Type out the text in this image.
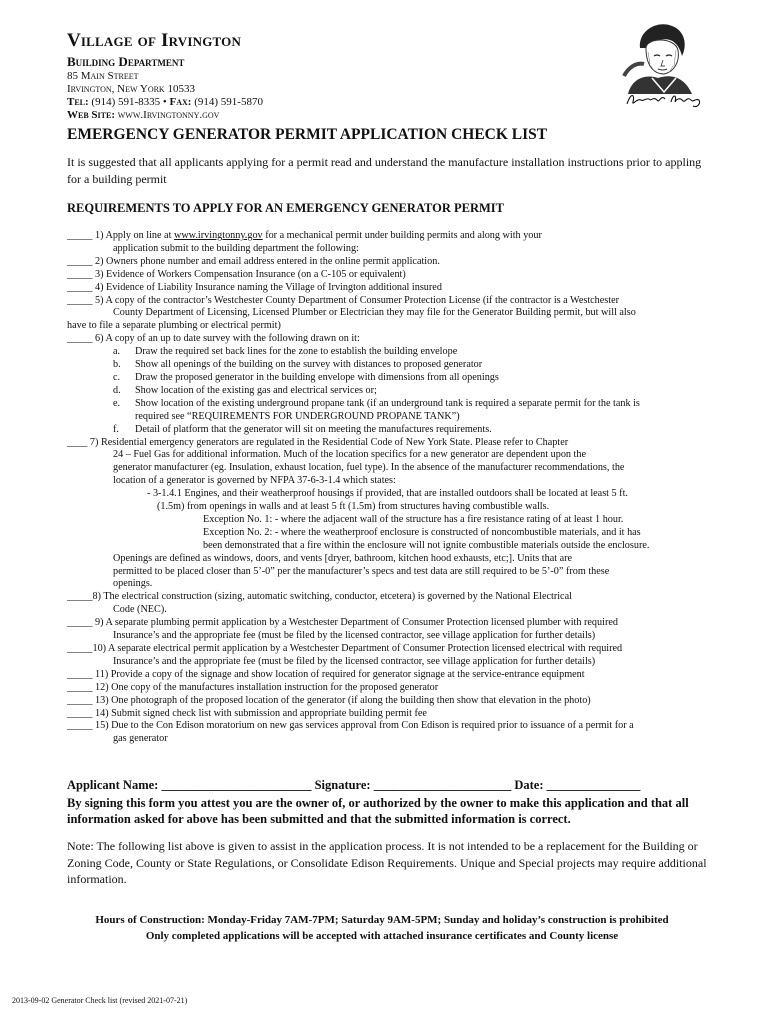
Village of Irvington
Building Department
85 Main Street
Irvington, New York 10533
Tel: (914) 591-8335 • Fax: (914) 591-5870
Web Site: www.Irvingtonny.gov
EMERGENCY GENERATOR PERMIT APPLICATION CHECK LIST
It is suggested that all applicants applying for a permit read and understand the manufacture installation instructions prior to appling for a building permit
REQUIREMENTS TO APPLY FOR AN EMERGENCY GENERATOR PERMIT
_____ 1) Apply on line at www.irvingtonny.gov for a mechanical permit under building permits and along with your
application submit to the building department the following:
_____ 2) Owners phone number and email address entered in the online permit application.
_____ 3) Evidence of Workers Compensation Insurance (on a C-105 or equivalent)
_____ 4) Evidence of Liability Insurance naming the Village of Irvington additional insured
_____ 5) A copy of the contractor’s Westchester County Department of Consumer Protection License (if the contractor is a Westchester
County Department of Licensing, Licensed Plumber or Electrician they may file for the Generator Building permit, but will also
have to file a separate plumbing or electrical permit)
_____ 6) A copy of an up to date survey with the following drawn on it:
a. Draw the required set back lines for the zone to establish the building envelope
b. Show all openings of the building on the survey with distances to proposed generator
c. Draw the proposed generator in the building envelope with dimensions from all openings
d. Show location of the existing gas and electrical services or;
e. Show location of the existing underground propane tank (if an underground tank is required a separate permit for the tank is
required see “REQUIREMENTS FOR UNDERGROUND PROPANE TANK”)
f. Detail of platform that the generator will sit on meeting the manufactures requirements.
____ 7) Residential emergency generators are regulated in the Residential Code of New York State. Please refer to Chapter
24 – Fuel Gas for additional information. Much of the location specifics for a new generator are dependent upon the
generator manufacturer (eg. Insulation, exhaust location, fuel type). In the absence of the manufacturer recommendations, the
location of a generator is governed by NFPA 37-6-3-1.4 which states:
- 3-1.4.1 Engines, and their weatherproof housings if provided, that are installed outdoors shall be located at least 5 ft.
(1.5m) from openings in walls and at least 5 ft (1.5m) from structures having combustible walls.
Exception No. 1: - where the adjacent wall of the structure has a fire resistance rating of at least 1 hour.
Exception No. 2: - where the weatherproof enclosure is constructed of noncombustible materials, and it has
been demonstrated that a fire within the enclosure will not ignite combustible materials outside the enclosure.
Openings are defined as windows, doors, and vents [dryer, bathroom, kitchen hood exhausts, etc;]. Units that are
permitted to be placed closer than 5’-0” per the manufacturer’s specs and test data are still required to be 5’-0” from these
openings.
_____8) The electrical construction (sizing, automatic switching, conductor, etcetera) is governed by the National Electrical
Code (NEC).
_____ 9) A separate plumbing permit application by a Westchester Department of Consumer Protection licensed plumber with required
Insurance’s and the appropriate fee (must be filed by the licensed contractor, see village application for further details)
_____10) A separate electrical permit application by a Westchester Department of Consumer Protection licensed electrical with required
Insurance’s and the appropriate fee (must be filed by the licensed contractor, see village application for further details)
_____ 11) Provide a copy of the signage and show location of required for generator signage at the service-entrance equipment
_____ 12) One copy of the manufactures installation instruction for the proposed generator
_____ 13) One photograph of the proposed location of the generator (if along the building then show that elevation in the photo)
_____ 14) Submit signed check list with submission and appropriate building permit fee
_____ 15) Due to the Con Edison moratorium on new gas services approval from Con Edison is required prior to issuance of a permit for a
gas generator
Applicant Name: ________________________ Signature: ______________________ Date: _______________
By signing this form you attest you are the owner of, or authorized by the owner to make this application and that all information asked for above has been submitted and that the submitted information is correct.
Note: The following list above is given to assist in the application process. It is not intended to be a replacement for the Building or Zoning Code, County or State Regulations, or Consolidate Edison Requirements. Unique and Special projects may require additional information.
Hours of Construction: Monday-Friday 7AM-7PM; Saturday 9AM-5PM; Sunday and holiday’s construction is prohibited
Only completed applications will be accepted with attached insurance certificates and County license
2013-09-02 Generator Check list (revised 2021-07-21)
